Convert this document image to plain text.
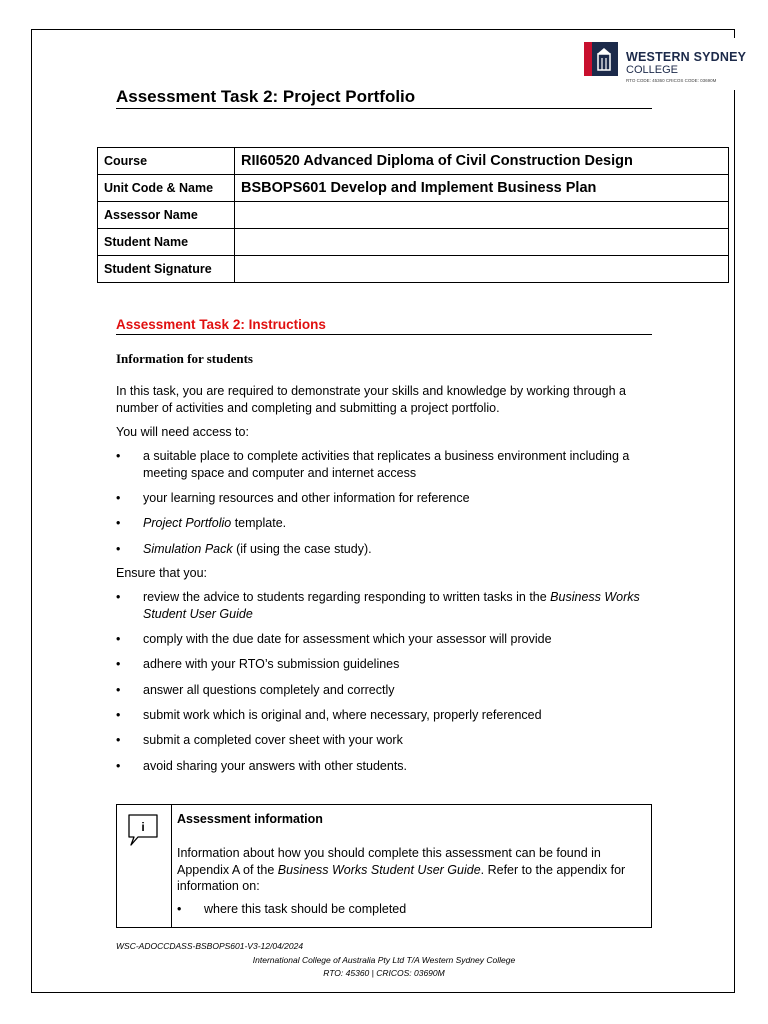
WESTERN SYDNEY
COLLEGE
RTO CODE: 45360 CRICOS CODE: 03690M
Assessment Task 2: Project Portfolio
Course	RII60520 Advanced Diploma of Civil Construction Design
Unit Code & Name	BSBOPS601 Develop and Implement Business Plan
Assessor Name	
Student Name	
Student Signature	
Assessment Task 2: Instructions
Information for students
In this task, you are required to demonstrate your skills and knowledge by working through a number of activities and completing and submitting a project portfolio.
You will need access to:
• a suitable place to complete activities that replicates a business environment including a meeting space and computer and internet access
• your learning resources and other information for reference
• Project Portfolio template.
• Simulation Pack (if using the case study).
Ensure that you:
• review the advice to students regarding responding to written tasks in the Business Works Student User Guide
• comply with the due date for assessment which your assessor will provide
• adhere with your RTO’s submission guidelines
• answer all questions completely and correctly
• submit work which is original and, where necessary, properly referenced
• submit a completed cover sheet with your work
• avoid sharing your answers with other students.
i
Assessment information
Information about how you should complete this assessment can be found in Appendix A of the Business Works Student User Guide. Refer to the appendix for information on:
• where this task should be completed
WSC-ADOCCDASS-BSBOPS601-V3-12/04/2024
International College of Australia Pty Ltd T/A Western Sydney College
RTO: 45360 | CRICOS: 03690M
